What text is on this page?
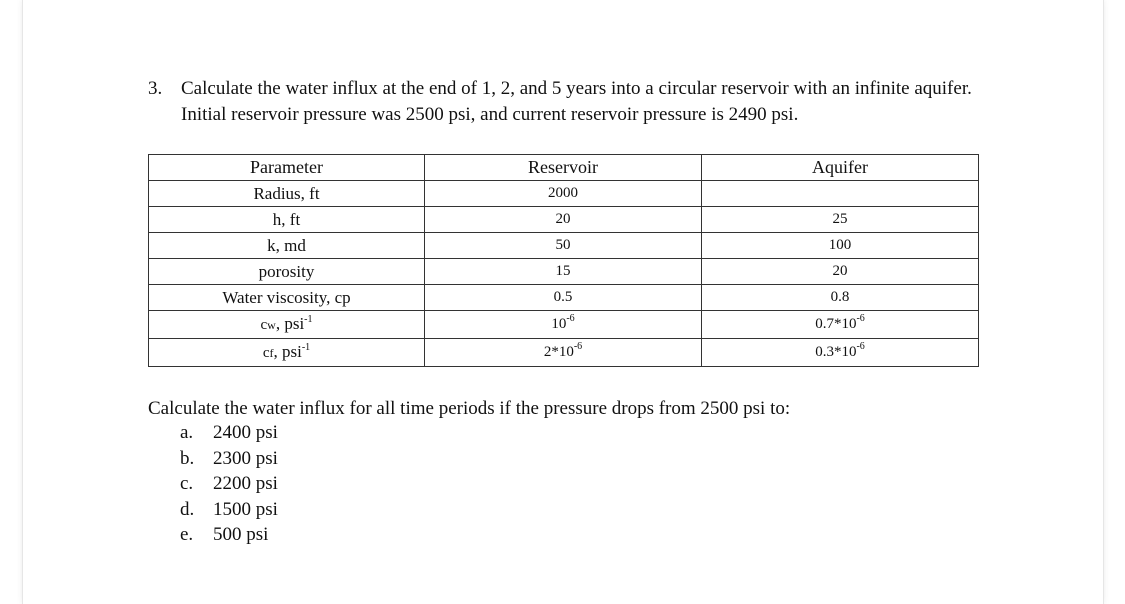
3. Calculate the water influx at the end of 1, 2, and 5 years into a circular reservoir with an infinite aquifer.
Initial reservoir pressure was 2500 psi, and current reservoir pressure is 2490 psi.
Parameter	Reservoir	Aquifer
Radius, ft	2000	
h, ft	20	25
k, md	50	100
porosity	15	20
Water viscosity, cp	0.5	0.8
cw, psi$^{-1}$	$10^{-6}$	$0.7*10^{-6}$
cf, psi$^{-1}$	$2*10^{-6}$	$0.3*10^{-6}$
Calculate the water influx for all time periods if the pressure drops from 2500 psi to:
a. 2400 psi
b. 2300 psi
c. 2200 psi
d. 1500 psi
e. 500 psi
